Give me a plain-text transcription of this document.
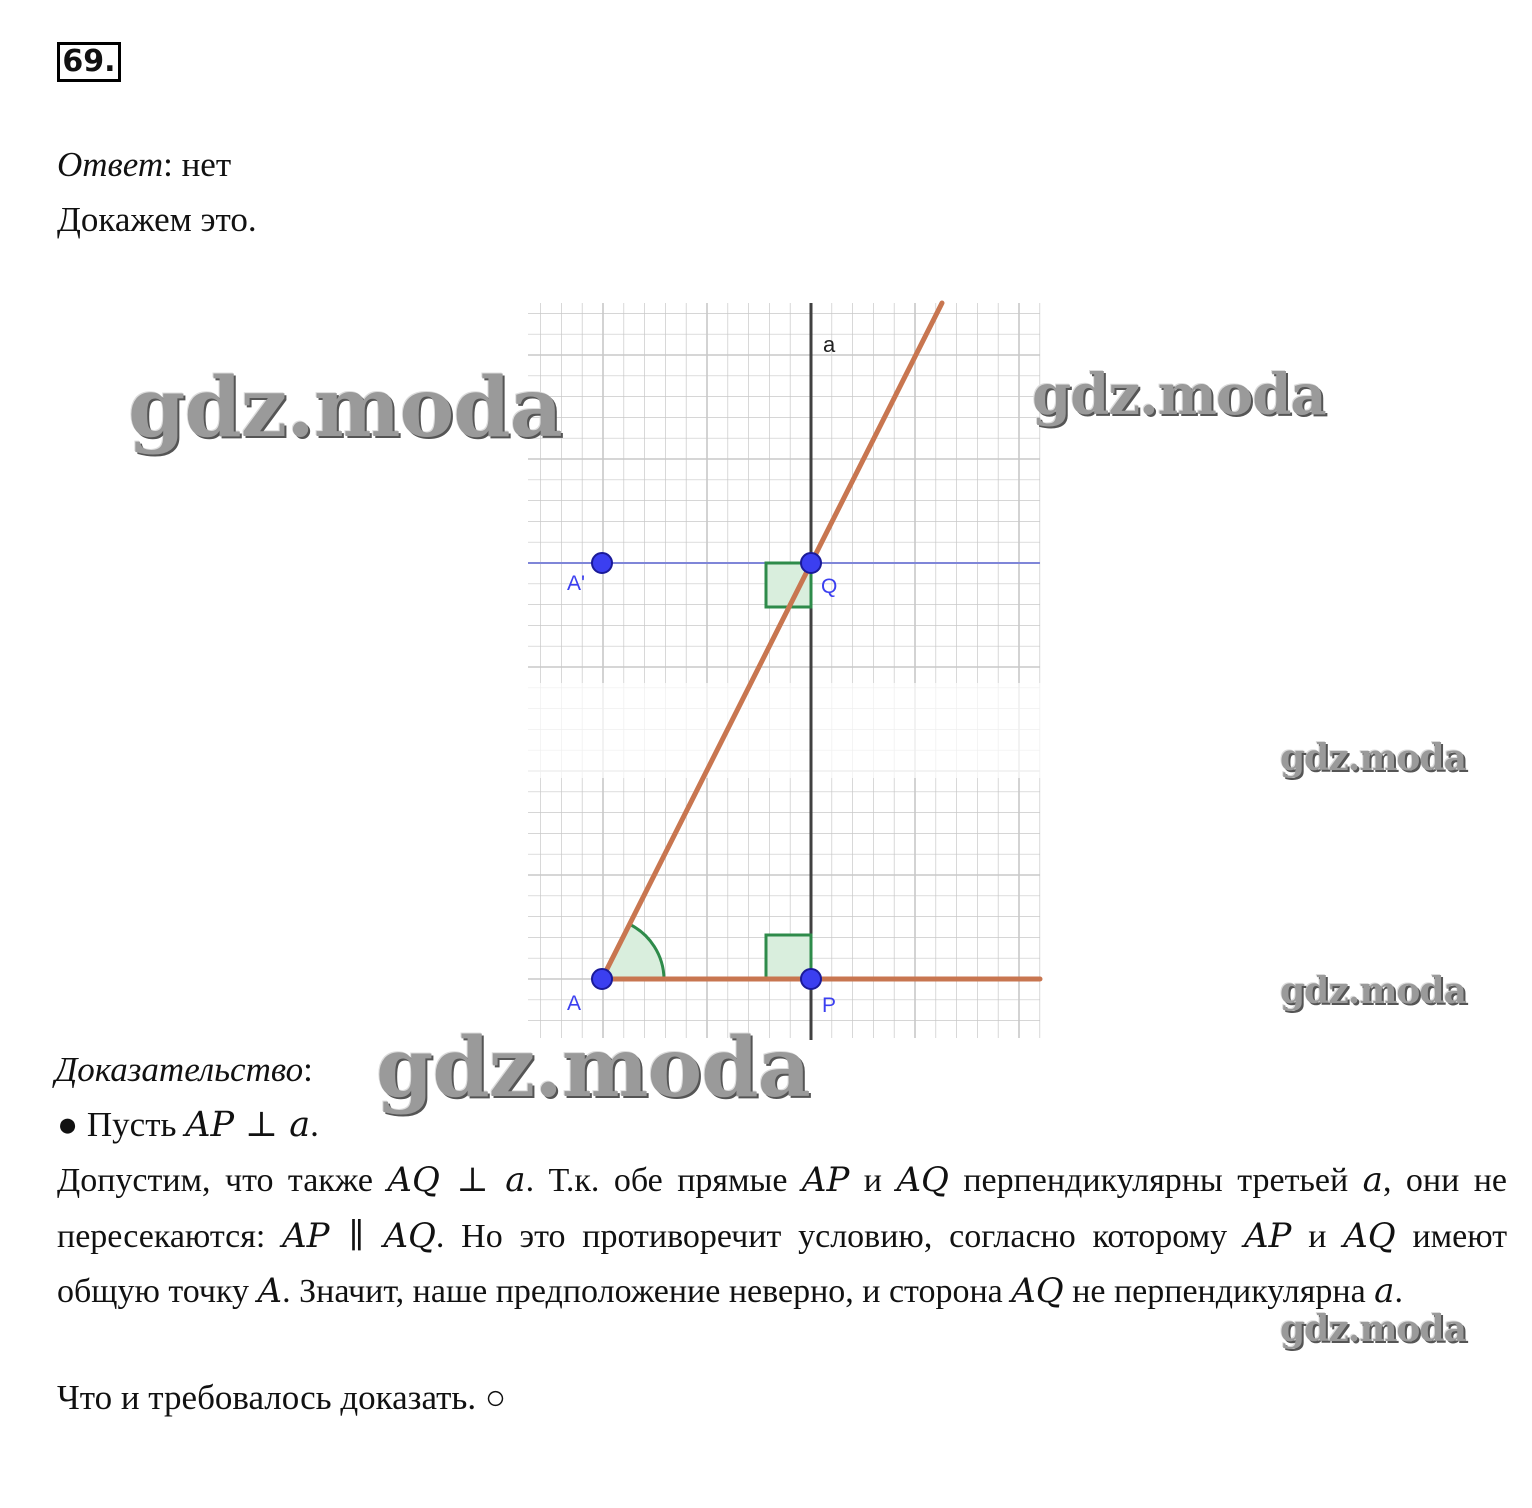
69.
Ответ: нет
Докажем это.
a
A'	Q
A	P
gdz.moda	gdz.moda
gdz.moda
gdz.moda
gdz.moda
gdz.moda
Доказательство:
● Пусть AP ⊥ a.
Допустим, что также AQ ⊥ a. Т.к. обе прямые AP и AQ перпендикулярны третьей a, они не пересекаются: AP ∥ AQ. Но это противоречит условию, согласно которому AP и AQ имеют общую точку A. Значит, наше предположение неверно, и сторона AQ не перпендикулярна a.
Что и требовалось доказать. ○
